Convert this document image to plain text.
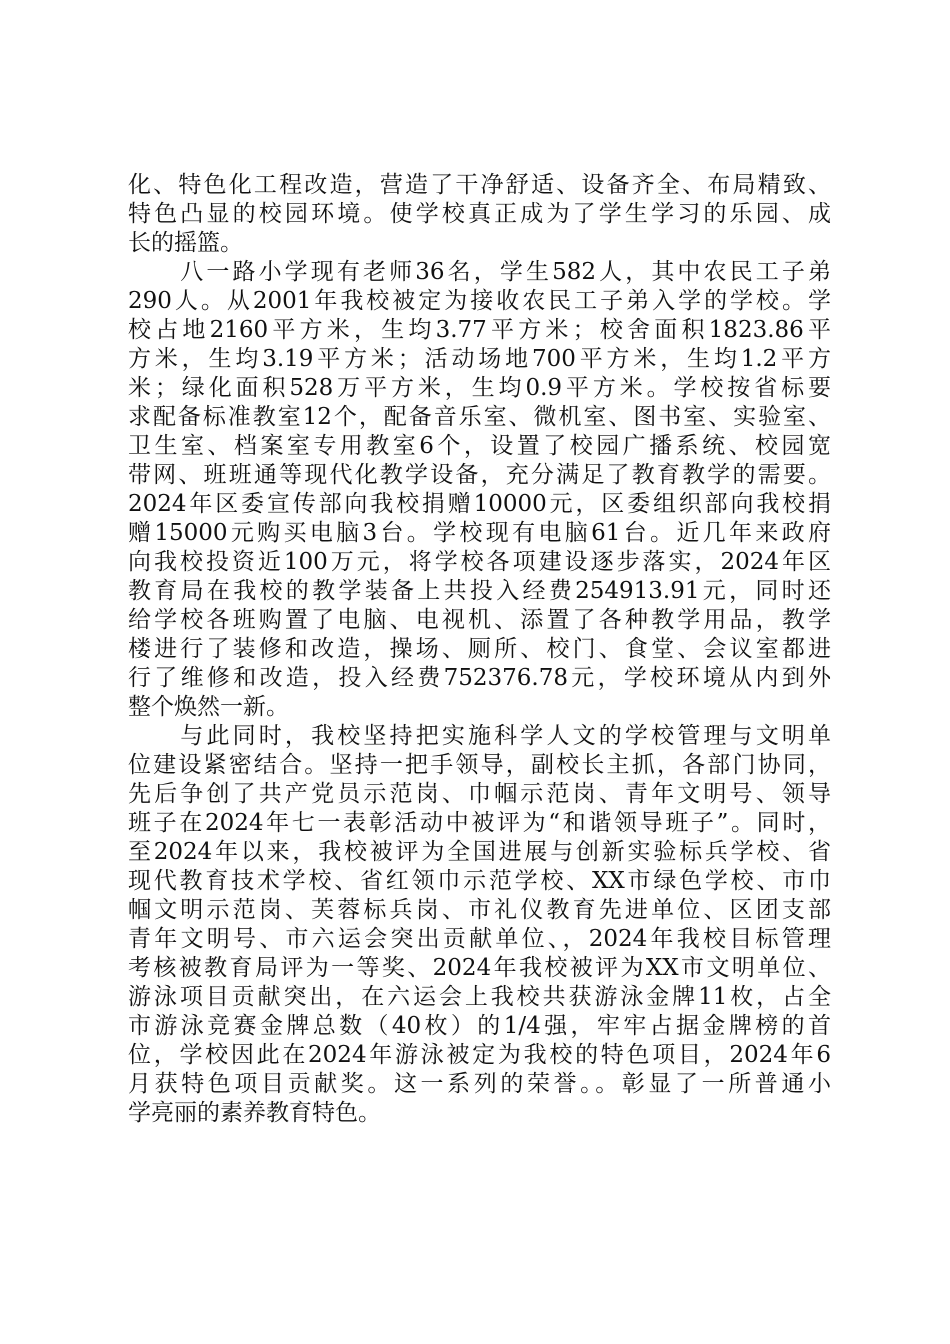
化、特色化工程改造，营造了干净舒适、设备齐全、布局精致、
特色凸显的校园环境。使学校真正成为了学生学习的乐园、成
长的摇篮。
　　八一路小学现有老师36名，学生582人，其中农民工子弟
290人。从2001年我校被定为接收农民工子弟入学的学校。学
校占地2160平方米，生均3.77平方米；校舍面积1823.86平
方米，生均3.19平方米；活动场地700平方米，生均1.2平方
米；绿化面积528万平方米，生均0.9平方米。学校按省标要
求配备标准教室12个，配备音乐室、微机室、图书室、实验室、
卫生室、档案室专用教室6个，设置了校园广播系统、校园宽
带网、班班通等现代化教学设备，充分满足了教育教学的需要。
2024年区委宣传部向我校捐赠10000元，区委组织部向我校捐
赠15000元购买电脑3台。学校现有电脑61台。近几年来政府
向我校投资近100万元，将学校各项建设逐步落实，2024年区
教育局在我校的教学装备上共投入经费254913.91元，同时还
给学校各班购置了电脑、电视机、添置了各种教学用品，教学
楼进行了装修和改造，操场、厕所、校门、食堂、会议室都进
行了维修和改造，投入经费752376.78元，学校环境从内到外
整个焕然一新。
　　与此同时，我校坚持把实施科学人文的学校管理与文明单
位建设紧密结合。坚持一把手领导，副校长主抓，各部门协同，
先后争创了共产党员示范岗、巾帼示范岗、青年文明号、领导
班子在2024年七一表彰活动中被评为“和谐领导班子”。同时，
至2024年以来，我校被评为全国进展与创新实验标兵学校、省
现代教育技术学校、省红领巾示范学校、XX市绿色学校、市巾
帼文明示范岗、芙蓉标兵岗、市礼仪教育先进单位、区团支部
青年文明号、市六运会突出贡献单位、，2024年我校目标管理
考核被教育局评为一等奖、2024年我校被评为XX市文明单位、
游泳项目贡献突出，在六运会上我校共获游泳金牌11枚，占全
市游泳竞赛金牌总数（40枚）的1/4强，牢牢占据金牌榜的首
位，学校因此在2024年游泳被定为我校的特色项目，2024年6
月获特色项目贡献奖。这一系列的荣誉。。彰显了一所普通小
学亮丽的素养教育特色。
